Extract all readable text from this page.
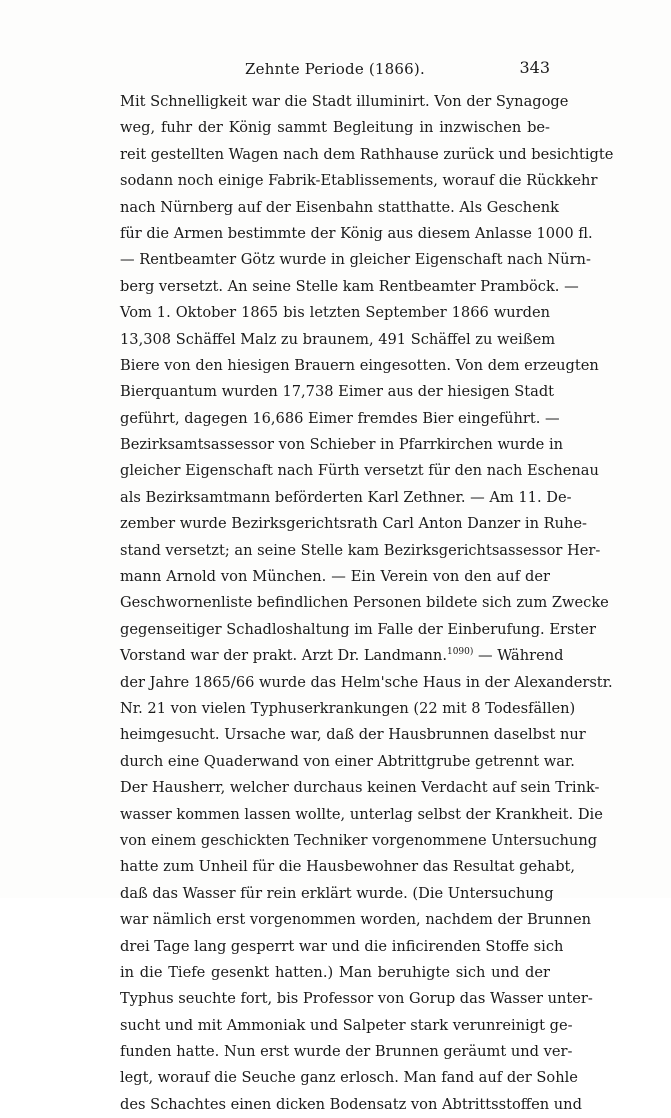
Zehnte Periode (1866).	343
Mit Schnelligkeit war die Stadt illuminirt. Von der Synagoge
weg, fuhr der König sammt Begleitung in inzwischen be-
reit gestellten Wagen nach dem Rathhause zurück und besichtigte
sodann noch einige Fabrik-Etablissements, worauf die Rückkehr
nach Nürnberg auf der Eisenbahn statthatte. Als Geschenk
für die Armen bestimmte der König aus diesem Anlasse 1000 fl.
— Rentbeamter Götz wurde in gleicher Eigenschaft nach Nürn-
berg versetzt. An seine Stelle kam Rentbeamter Pramböck. —
Vom 1. Oktober 1865 bis letzten September 1866 wurden
13,308 Schäffel Malz zu braunem, 491 Schäffel zu weißem
Biere von den hiesigen Brauern eingesotten. Von dem erzeugten
Bierquantum wurden 17,738 Eimer aus der hiesigen Stadt
geführt, dagegen 16,686 Eimer fremdes Bier eingeführt. —
Bezirksamtsassessor von Schieber in Pfarrkirchen wurde in
gleicher Eigenschaft nach Fürth versetzt für den nach Eschenau
als Bezirksamtmann beförderten Karl Zethner. — Am 11. De-
zember wurde Bezirksgerichtsrath Carl Anton Danzer in Ruhe-
stand versetzt; an seine Stelle kam Bezirksgerichtsassessor Her-
mann Arnold von München. — Ein Verein von den auf der
Geschwornenliste befindlichen Personen bildete sich zum Zwecke
gegenseitiger Schadloshaltung im Falle der Einberufung. Erster
Vorstand war der prakt. Arzt Dr. Landmann.$^{1090)}$ — Während
der Jahre 1865/66 wurde das Helm'sche Haus in der Alexanderstr.
Nr. 21 von vielen Typhuserkrankungen (22 mit 8 Todesfällen)
heimgesucht. Ursache war, daß der Hausbrunnen daselbst nur
durch eine Quaderwand von einer Abtrittgrube getrennt war.
Der Hausherr, welcher durchaus keinen Verdacht auf sein Trink-
wasser kommen lassen wollte, unterlag selbst der Krankheit. Die
von einem geschickten Techniker vorgenommene Untersuchung
hatte zum Unheil für die Hausbewohner das Resultat gehabt,
daß das Wasser für rein erklärt wurde. (Die Untersuchung
war nämlich erst vorgenommen worden, nachdem der Brunnen
drei Tage lang gesperrt war und die inficirenden Stoffe sich
in die Tiefe gesenkt hatten.) Man beruhigte sich und der
Typhus seuchte fort, bis Professor von Gorup das Wasser unter-
sucht und mit Ammoniak und Salpeter stark verunreinigt ge-
funden hatte. Nun erst wurde der Brunnen geräumt und ver-
legt, worauf die Seuche ganz erlosch. Man fand auf der Sohle
des Schachtes einen dicken Bodensatz von Abtrittsstoffen und
